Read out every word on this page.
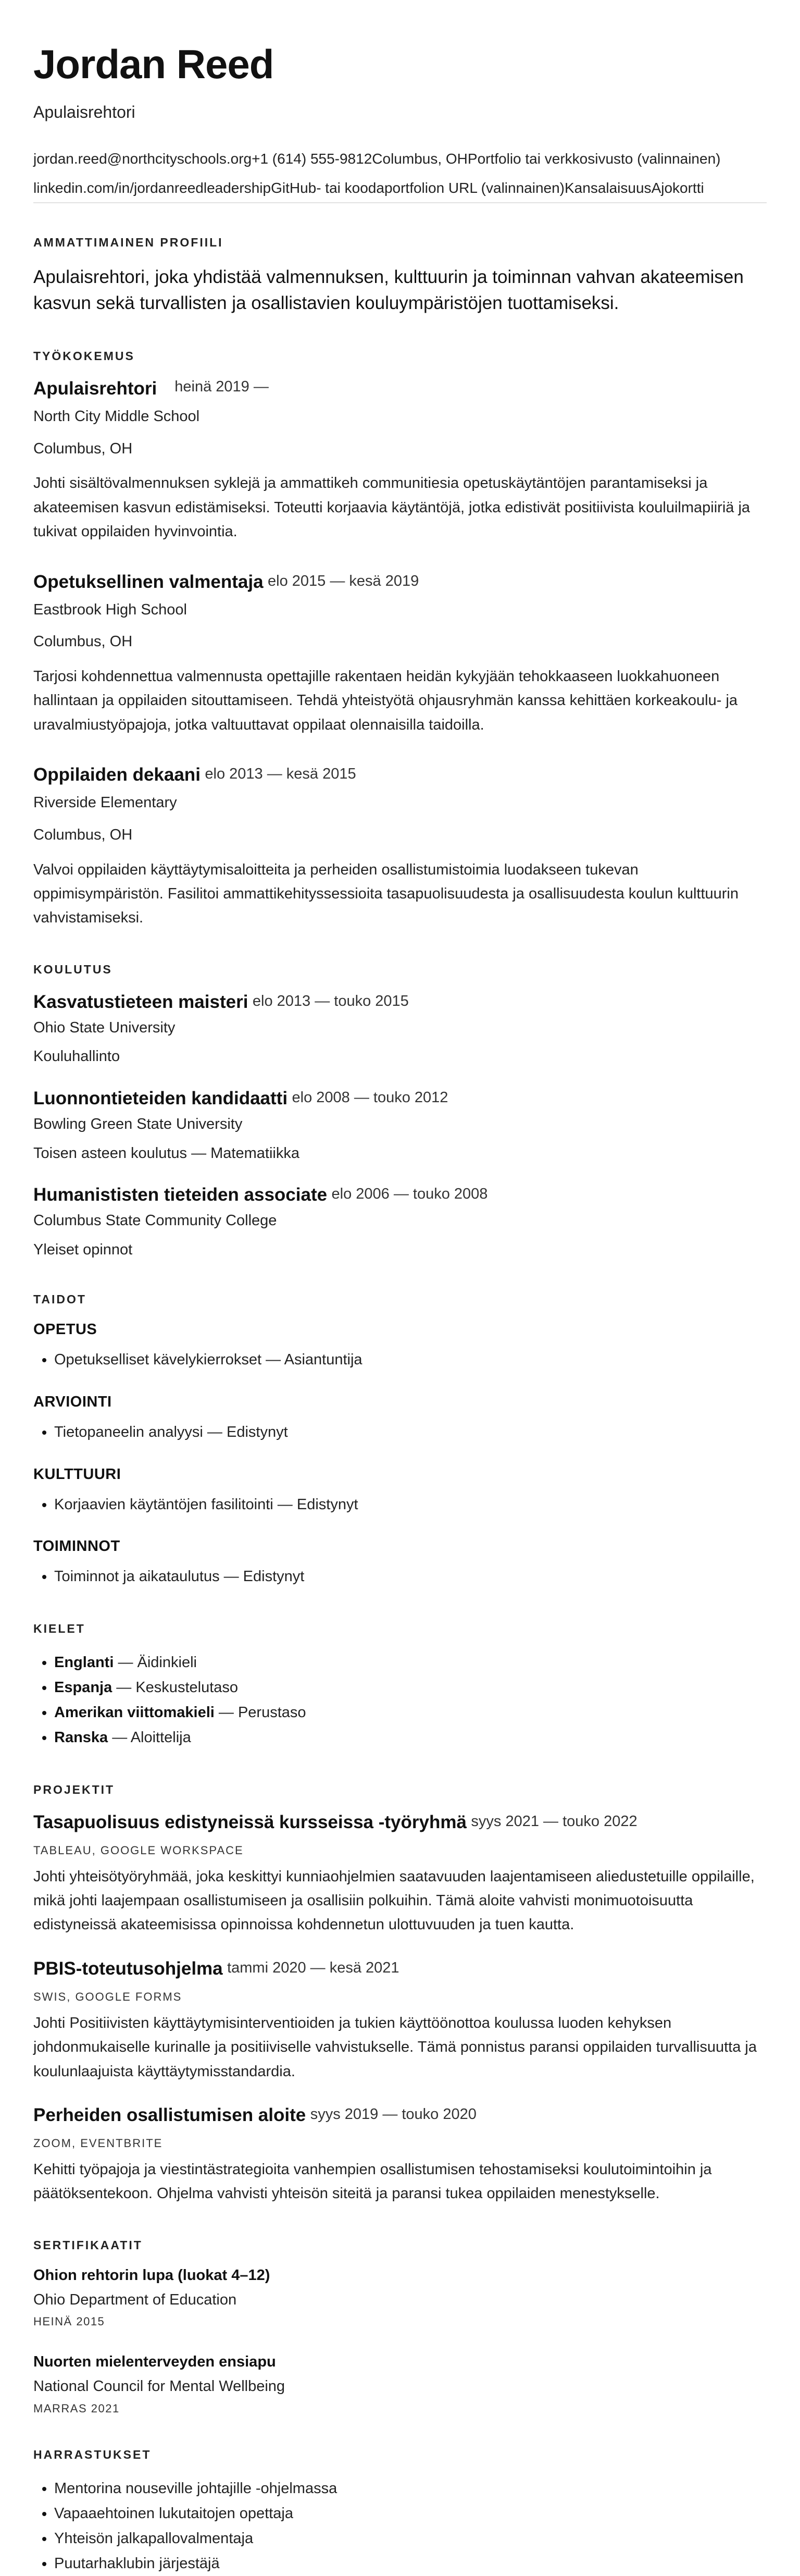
Jordan Reed
Apulaisrehtori
jordan.reed@northcityschools.org+1 (614) 555-9812Columbus, OHPortfolio tai verkkosivusto (valinnainen)
linkedin.com/in/jordanreedleadershipGitHub- tai koodaportfolion URL (valinnainen)KansalaisuusAjokortti
AMMATTIMAINEN PROFIILI

Apulaisrehtori, joka yhdistää valmennuksen, kulttuurin ja toiminnan vahvan akateemisen kasvun sekä turvallisten ja osallistavien kouluympäristöjen tuottamiseksi.

TYÖKOKEMUS
Apulaisrehtori heinä 2019 —
North City Middle School
Columbus, OH

Johti sisältövalmennuksen syklejä ja ammattikeh communitiesia opetuskäytäntöjen parantamiseksi ja akateemisen kasvun edistämiseksi. Toteutti korjaavia käytäntöjä, jotka edistivät positiivista kouluilmapiiriä ja tukivat oppilaiden hyvinvointia.

Opetuksellinen valmentaja elo 2015 — kesä 2019
Eastbrook High School
Columbus, OH

Tarjosi kohdennettua valmennusta opettajille rakentaen heidän kykyjään tehokkaaseen luokkahuoneen hallintaan ja oppilaiden sitouttamiseen. Tehdä yhteistyötä ohjausryhmän kanssa kehittäen korkeakoulu- ja uravalmiustyöpajoja, jotka valtuuttavat oppilaat olennaisilla taidoilla.

Oppilaiden dekaani elo 2013 — kesä 2015
Riverside Elementary
Columbus, OH

Valvoi oppilaiden käyttäytymisaloitteita ja perheiden osallistumistoimia luodakseen tukevan oppimisympäristön. Fasilitoi ammattikehityssessioita tasapuolisuudesta ja osallisuudesta koulun kulttuurin vahvistamiseksi.

KOULUTUS
Kasvatustieteen maisteri elo 2013 — touko 2015
Ohio State University
Kouluhallinto
Luonnontieteiden kandidaatti elo 2008 — touko 2012
Bowling Green State University
Toisen asteen koulutus — Matematiikka
Humanististen tieteiden associate elo 2006 — touko 2008
Columbus State Community College
Yleiset opinnot
TAIDOT
OPETUS
• Opetukselliset kävelykierrokset — Asiantuntija
ARVIOINTI
• Tietopaneelin analyysi — Edistynyt
KULTTUURI
• Korjaavien käytäntöjen fasilitointi — Edistynyt
TOIMINNOT
• Toiminnot ja aikataulutus — Edistynyt
KIELET
• Englanti — Äidinkieli
• Espanja — Keskustelutaso
• Amerikan viittomakieli — Perustaso
• Ranska — Aloittelija
PROJEKTIT
Tasapuolisuus edistyneissä kursseissa -työryhmä syys 2021 — touko 2022
TABLEAU, GOOGLE WORKSPACE

Johti yhteisötyöryhmää, joka keskittyi kunniaohjelmien saatavuuden laajentamiseen aliedustetuille oppilaille, mikä johti laajempaan osallistumiseen ja osallisiin polkuihin. Tämä aloite vahvisti monimuotoisuutta edistyneissä akateemisissa opinnoissa kohdennetun ulottuvuuden ja tuen kautta.

PBIS-toteutusohjelma tammi 2020 — kesä 2021
SWIS, GOOGLE FORMS

Johti Positiivisten käyttäytymisinterventioiden ja tukien käyttöönottoa koulussa luoden kehyksen johdonmukaiselle kurinalle ja positiiviselle vahvistukselle. Tämä ponnistus paransi oppilaiden turvallisuutta ja koulunlaajuista käyttäytymisstandardia.

Perheiden osallistumisen aloite syys 2019 — touko 2020
ZOOM, EVENTBRITE

Kehitti työpajoja ja viestintästrategioita vanhempien osallistumisen tehostamiseksi koulutoimintoihin ja päätöksentekoon. Ohjelma vahvisti yhteisön siteitä ja paransi tukea oppilaiden menestykselle.

SERTIFIKAATIT
Ohion rehtorin lupa (luokat 4–12)
Ohio Department of Education
HEINÄ 2015
Nuorten mielenterveyden ensiapu
National Council for Mental Wellbeing
MARRAS 2021
HARRASTUKSET
• Mentorina nouseville johtajille -ohjelmassa
• Vapaaehtoinen lukutaitojen opettaja
• Yhteisön jalkapallovalmentaja
• Puutarhaklubin järjestäjä
